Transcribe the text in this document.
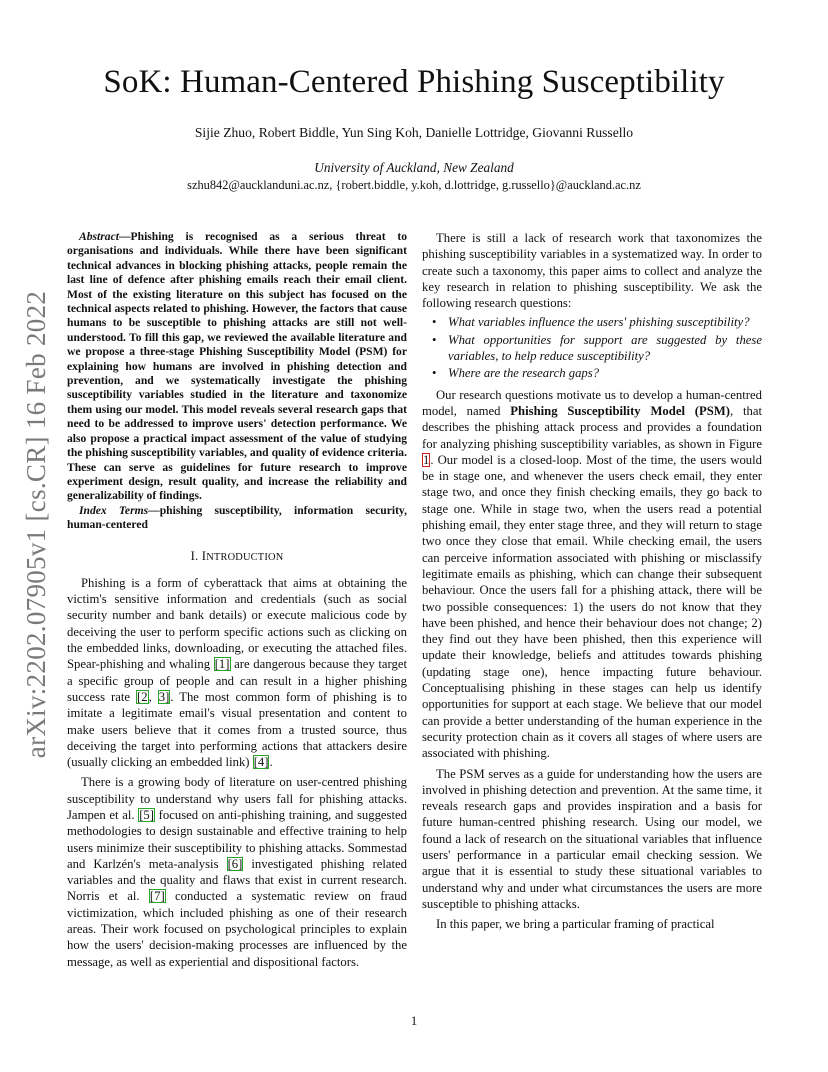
arXiv:2202.07905v1 [cs.CR] 16 Feb 2022
SoK: Human-Centered Phishing Susceptibility
Sijie Zhuo, Robert Biddle, Yun Sing Koh, Danielle Lottridge, Giovanni Russello
University of Auckland, New Zealand
szhu842@aucklanduni.ac.nz, {robert.biddle, y.koh, d.lottridge, g.russello}@auckland.ac.nz

Abstract—Phishing is recognised as a serious threat to organisations and individuals. While there have been significant technical advances in blocking phishing attacks, people remain the last line of defence after phishing emails reach their email client. Most of the existing literature on this subject has focused on the technical aspects related to phishing. However, the factors that cause humans to be susceptible to phishing attacks are still not well-understood. To fill this gap, we reviewed the available literature and we propose a three-stage Phishing Susceptibility Model (PSM) for explaining how humans are involved in phishing detection and prevention, and we systematically investigate the phishing susceptibility variables studied in the literature and taxonomize them using our model. This model reveals several research gaps that need to be addressed to improve users' detection performance. We also propose a practical impact assessment of the value of studying the phishing susceptibility variables, and quality of evidence criteria. These can serve as guidelines for future research to improve experiment design, result quality, and increase the reliability and generalizability of findings.

Index Terms—phishing susceptibility, information security, human-centered

I. INTRODUCTION

Phishing is a form of cyberattack that aims at obtaining the victim's sensitive information and credentials (such as social security number and bank details) or execute malicious code by deceiving the user to perform specific actions such as clicking on the embedded links, downloading, or executing the attached files. Spear-phishing and whaling [1] are dangerous because they target a specific group of people and can result in a higher phishing success rate [2, 3]. The most common form of phishing is to imitate a legitimate email's visual presentation and content to make users believe that it comes from a trusted source, thus deceiving the target into performing actions that attackers desire (usually clicking an embedded link) [4].

There is a growing body of literature on user-centred phishing susceptibility to understand why users fall for phishing attacks. Jampen et al. [5] focused on anti-phishing training, and suggested methodologies to design sustainable and effective training to help users minimize their susceptibility to phishing attacks. Sommestad and Karlzén's meta-analysis [6] investigated phishing related variables and the quality and flaws that exist in current research. Norris et al. [7] conducted a systematic review on fraud victimization, which included phishing as one of their research areas. Their work focused on psychological principles to explain how the users' decision-making processes are influenced by the message, as well as experiential and dispositional factors.

There is still a lack of research work that taxonomizes the phishing susceptibility variables in a systematized way. In order to create such a taxonomy, this paper aims to collect and analyze the key research in relation to phishing susceptibility. We ask the following research questions:

• What variables influence the users' phishing susceptibility?
• What opportunities for support are suggested by these variables, to help reduce susceptibility?
• Where are the research gaps?

Our research questions motivate us to develop a human-centred model, named Phishing Susceptibility Model (PSM), that describes the phishing attack process and provides a foundation for analyzing phishing susceptibility variables, as shown in Figure 1. Our model is a closed-loop. Most of the time, the users would be in stage one, and whenever the users check email, they enter stage two, and once they finish checking emails, they go back to stage one. While in stage two, when the users read a potential phishing email, they enter stage three, and they will return to stage two once they close that email. While checking email, the users can perceive information associated with phishing or misclassify legitimate emails as phishing, which can change their subsequent behaviour. Once the users fall for a phishing attack, there will be two possible consequences: 1) the users do not know that they have been phished, and hence their behaviour does not change; 2) they find out they have been phished, then this experience will update their knowledge, beliefs and attitudes towards phishing (updating stage one), hence impacting future behaviour. Conceptualising phishing in these stages can help us identify opportunities for support at each stage. We believe that our model can provide a better understanding of the human experience in the security protection chain as it covers all stages of where users are associated with phishing.

The PSM serves as a guide for understanding how the users are involved in phishing detection and prevention. At the same time, it reveals research gaps and provides inspiration and a basis for future human-centred phishing research. Using our model, we found a lack of research on the situational variables that influence users' performance in a particular email checking session. We argue that it is essential to study these situational variables to understand why and under what circumstances the users are more susceptible to phishing attacks.

In this paper, we bring a particular framing of practical

1
